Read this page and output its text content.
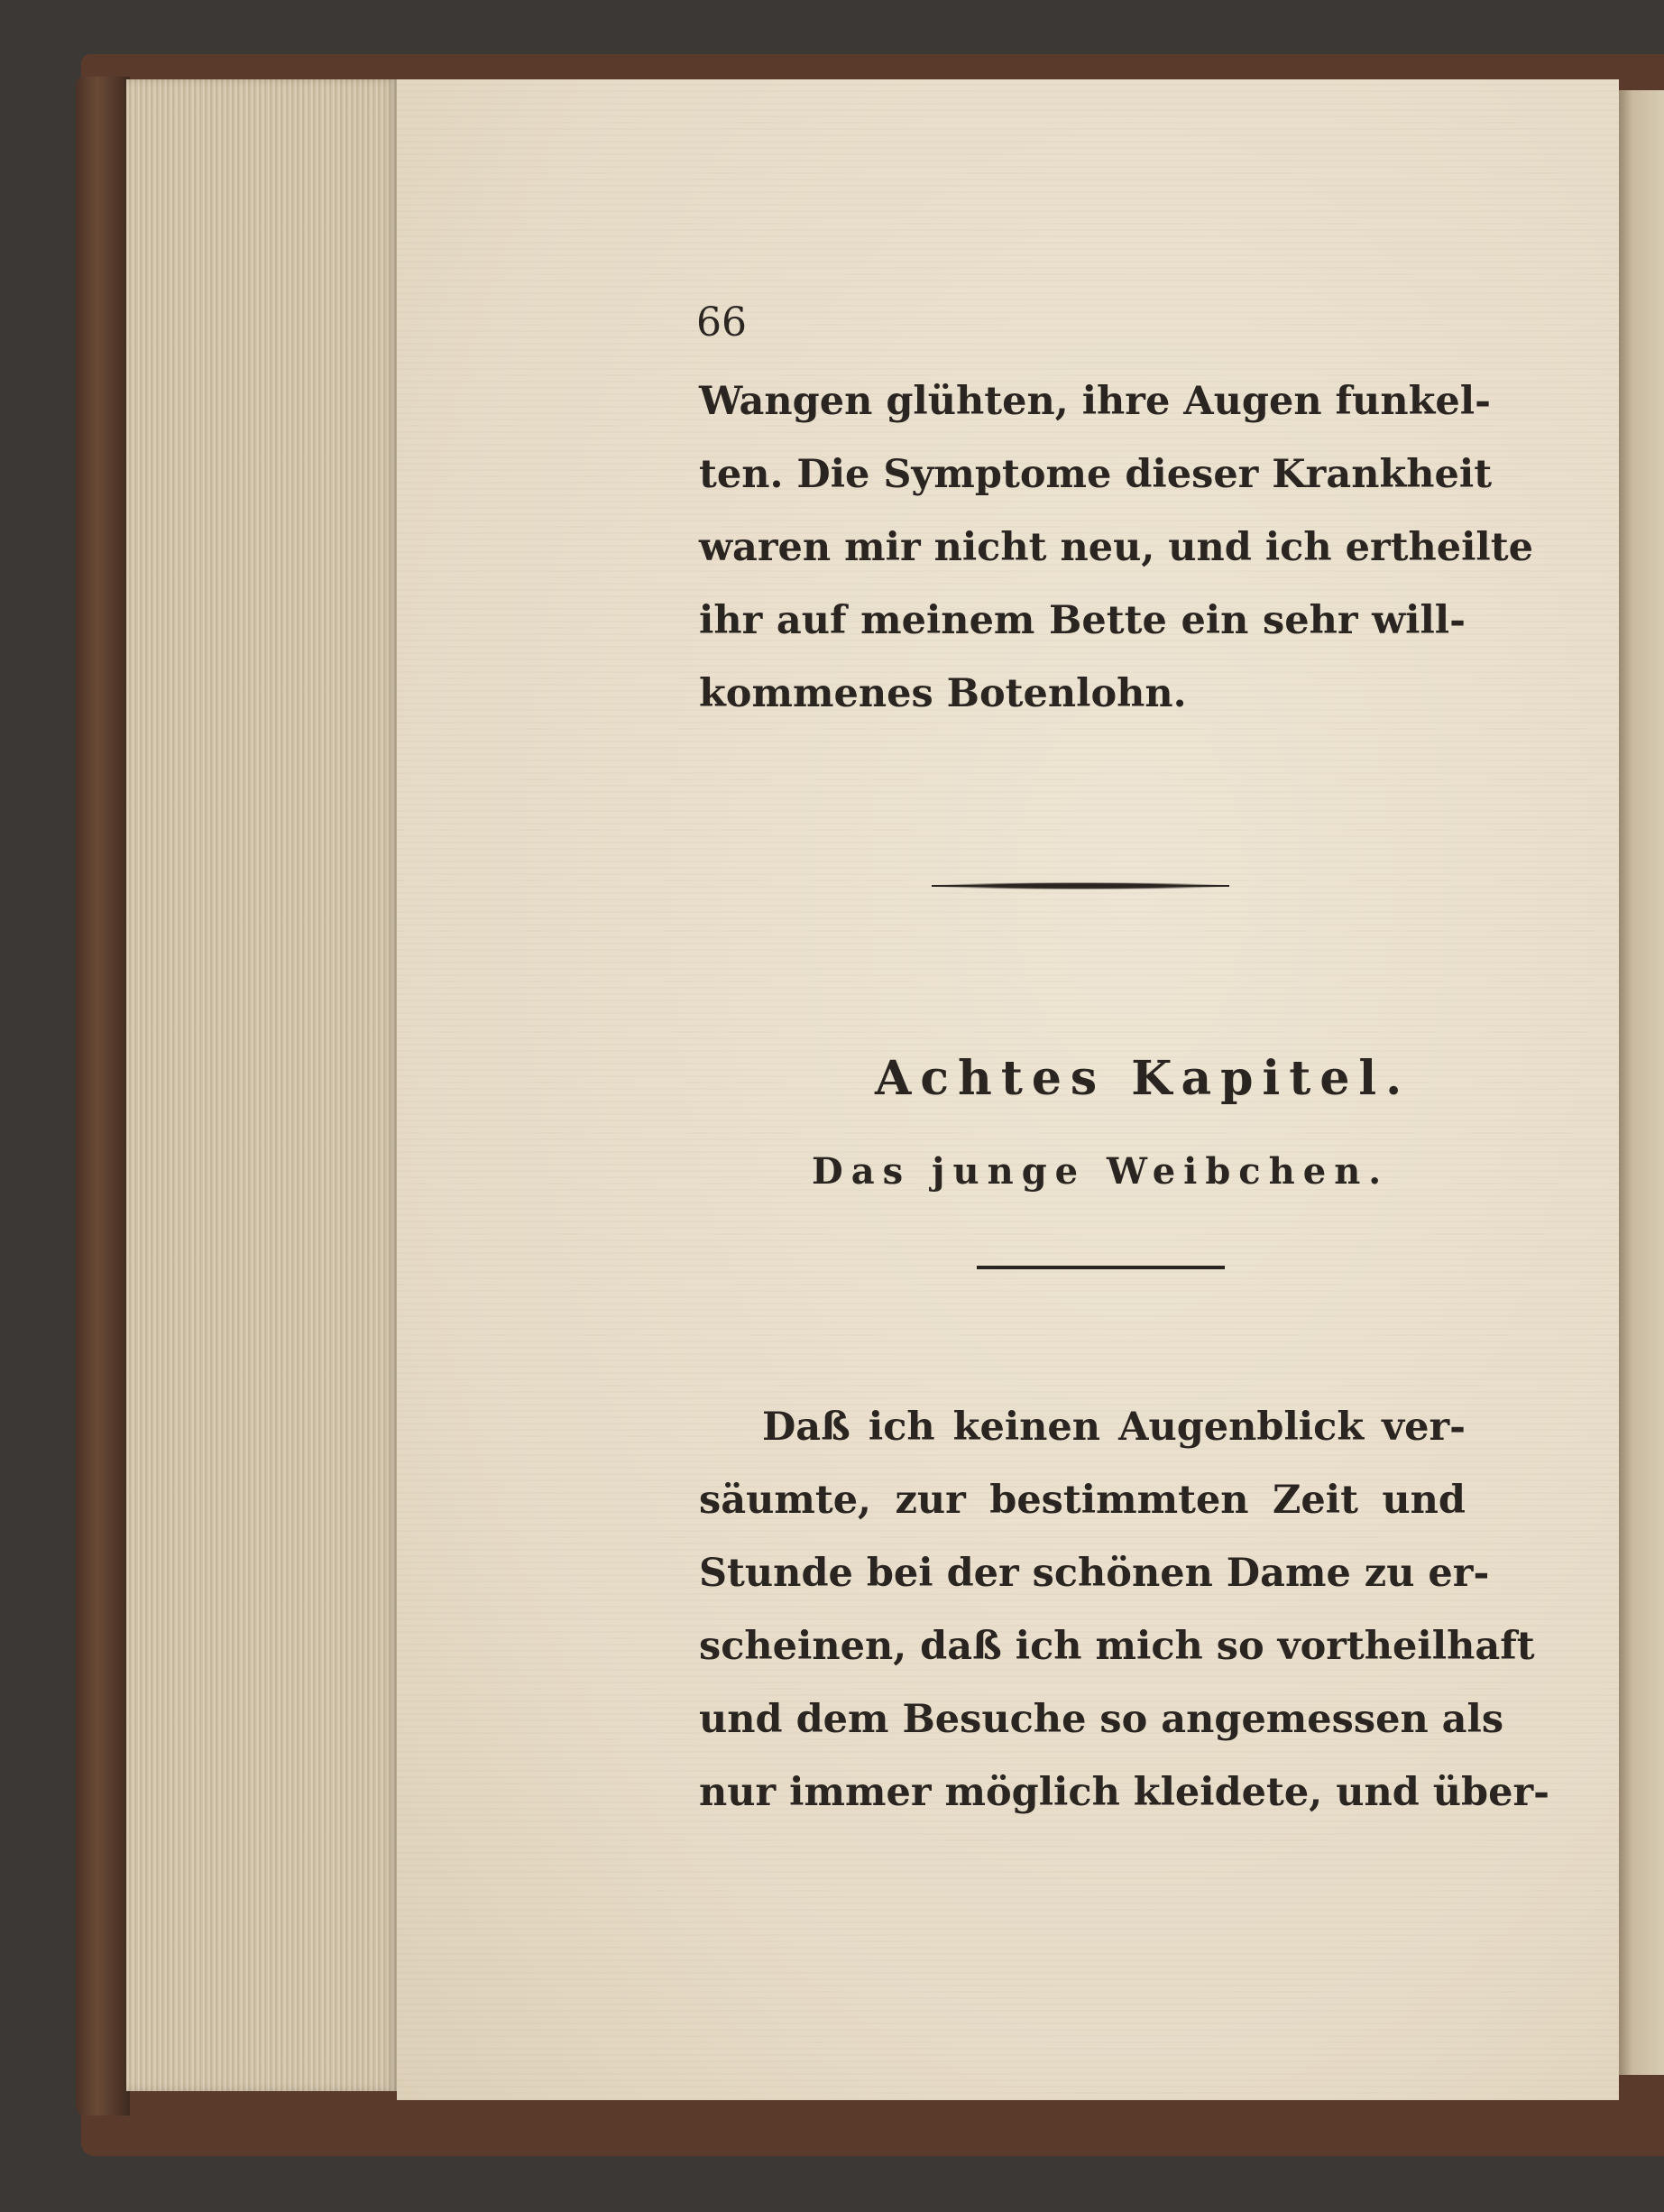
66
Wangen glühten, ihre Augen funkel-
ten. Die Symptome dieser Krankheit
waren mir nicht neu, und ich ertheilte
ihr auf meinem Bette ein sehr will-
kommenes Botenlohn.
Achtes Kapitel.
Das junge Weibchen.
Daß ich keinen Augenblick ver-
säumte, zur bestimmten Zeit und
Stunde bei der schönen Dame zu er-
scheinen, daß ich mich so vortheilhaft
und dem Besuche so angemessen als
nur immer möglich kleidete, und über-
